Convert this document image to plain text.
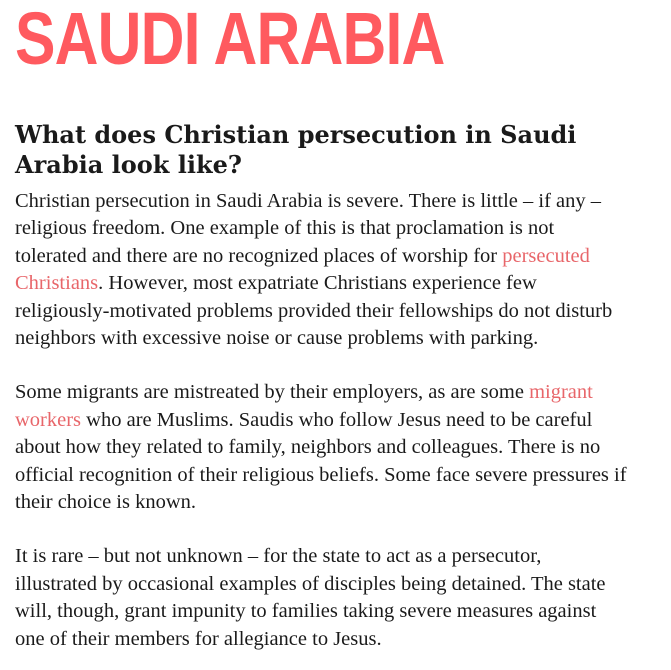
SAUDI ARABIA
What does Christian persecution in Saudi Arabia look like?

Christian persecution in Saudi Arabia is severe. There is little – if any –
religious freedom. One example of this is that proclamation is not
tolerated and there are no recognized places of worship for persecuted
Christians. However, most expatriate Christians experience few
religiously-motivated problems provided their fellowships do not disturb
neighbors with excessive noise or cause problems with parking.

Some migrants are mistreated by their employers, as are some migrant
workers who are Muslims. Saudis who follow Jesus need to be careful
about how they related to family, neighbors and colleagues. There is no
official recognition of their religious beliefs. Some face severe pressures if
their choice is known.

It is rare – but not unknown – for the state to act as a persecutor,
illustrated by occasional examples of disciples being detained. The state
will, though, grant impunity to families taking severe measures against
one of their members for allegiance to Jesus.
